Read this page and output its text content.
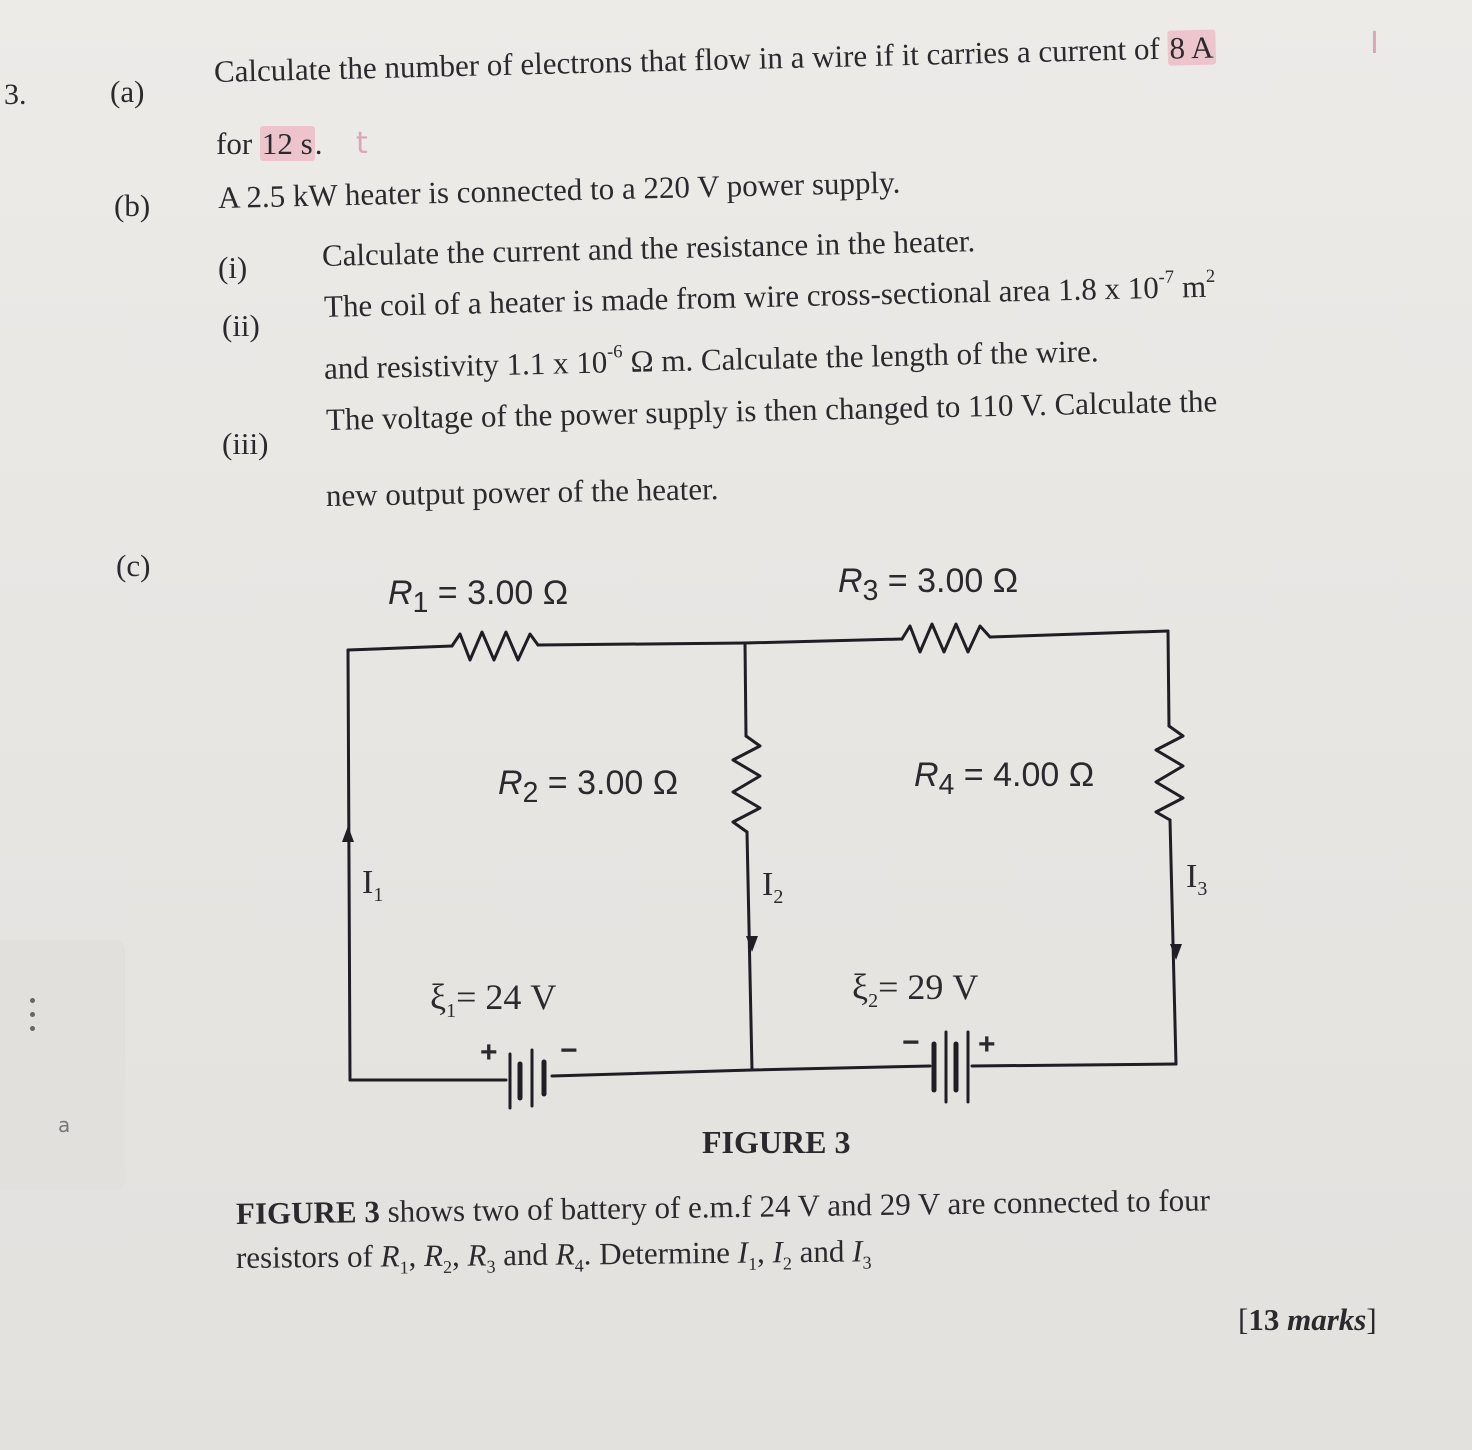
a
3.	(a)
Calculate the number of electrons that flow in a wire if it carries a current of 8 A	I
for 12 s. t
(b) A 2.5 kW heater is connected to a 220 V power supply.
(i) Calculate the current and the resistance in the heater.
(ii)
The coil of a heater is made from wire cross-sectional area 1.8 x $10^{-7}$ $m^2$
and resistivity 1.1 x $10^{-6}$ Ω m. Calculate the length of the wire.
(iii)
The voltage of the power supply is then changed to 110 V. Calculate the
new output power of the heater.
(c)
$R_1 = 3.00$ Ω	$R_3 = 3.00$ Ω
$R_2 = 3.00$ Ω	$R_4 = 4.00$ Ω
$I_1$	$I_2$
$I_3$
$\xi_1= 24$ V	$\xi_2= 29$ V
+ −	− +
FIGURE 3
FIGURE 3 shows two of battery of e.m.f 24 V and 29 V are connected to four
resistors of $R_1$, $R_2$, $R_3$ and $R_4$. Determine $I_1$, $I_2$ and $I_3$
[13 marks]
